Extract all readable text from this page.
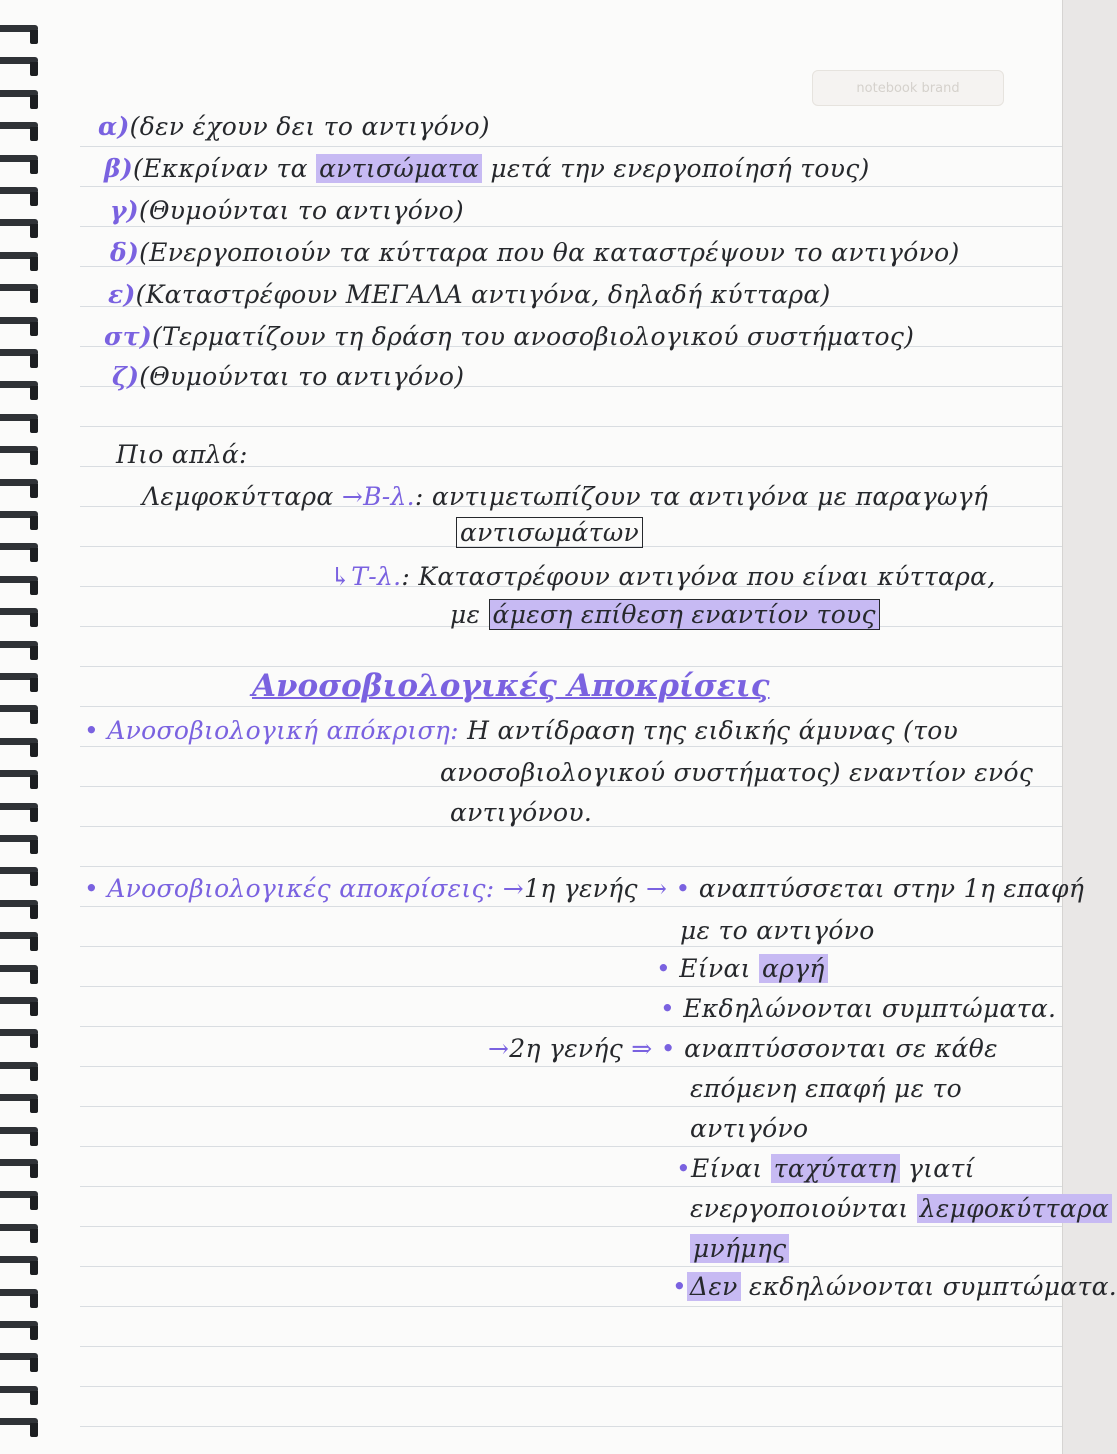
notebook brand
α)(δεν έχουν δει το αντιγόνο)
β)(Εκκρίναν τα αντισώματα μετά την ενεργοποίησή τους)
γ)(Θυμούνται το αντιγόνο)
δ)(Ενεργοποιούν τα κύτταρα που θα καταστρέψουν το αντιγόνο)
ε)(Καταστρέφουν ΜΕΓΑΛΑ αντιγόνα, δηλαδή κύτταρα)
στ)(Τερματίζουν τη δράση του ανοσοβιολογικού συστήματος)
ζ)(Θυμούνται το αντιγόνο)
Πιο απλά:
Λεμφοκύτταρα →Β-λ.: αντιμετωπίζουν τα αντιγόνα με παραγωγή
αντισωμάτων
↳Τ-λ.: Καταστρέφουν αντιγόνα που είναι κύτταρα,
με άμεση επίθεση εναντίον τους
Ανοσοβιολογικές Αποκρίσεις
• Ανοσοβιολογική απόκριση: Η αντίδραση της ειδικής άμυνας (του
ανοσοβιολογικού συστήματος) εναντίον ενός
αντιγόνου.
• Ανοσοβιολογικές αποκρίσεις: →1η γενής → • αναπτύσσεται στην 1η επαφή
με το αντιγόνο
• Είναι αργή
• Εκδηλώνονται συμπτώματα.
→2η γενής ⇒ • αναπτύσσονται σε κάθε
επόμενη επαφή με το
αντιγόνο
•Είναι ταχύτατη γιατί
ενεργοποιούνται λεμφοκύτταρα
μνήμης
• Δεν εκδηλώνονται συμπτώματα.
